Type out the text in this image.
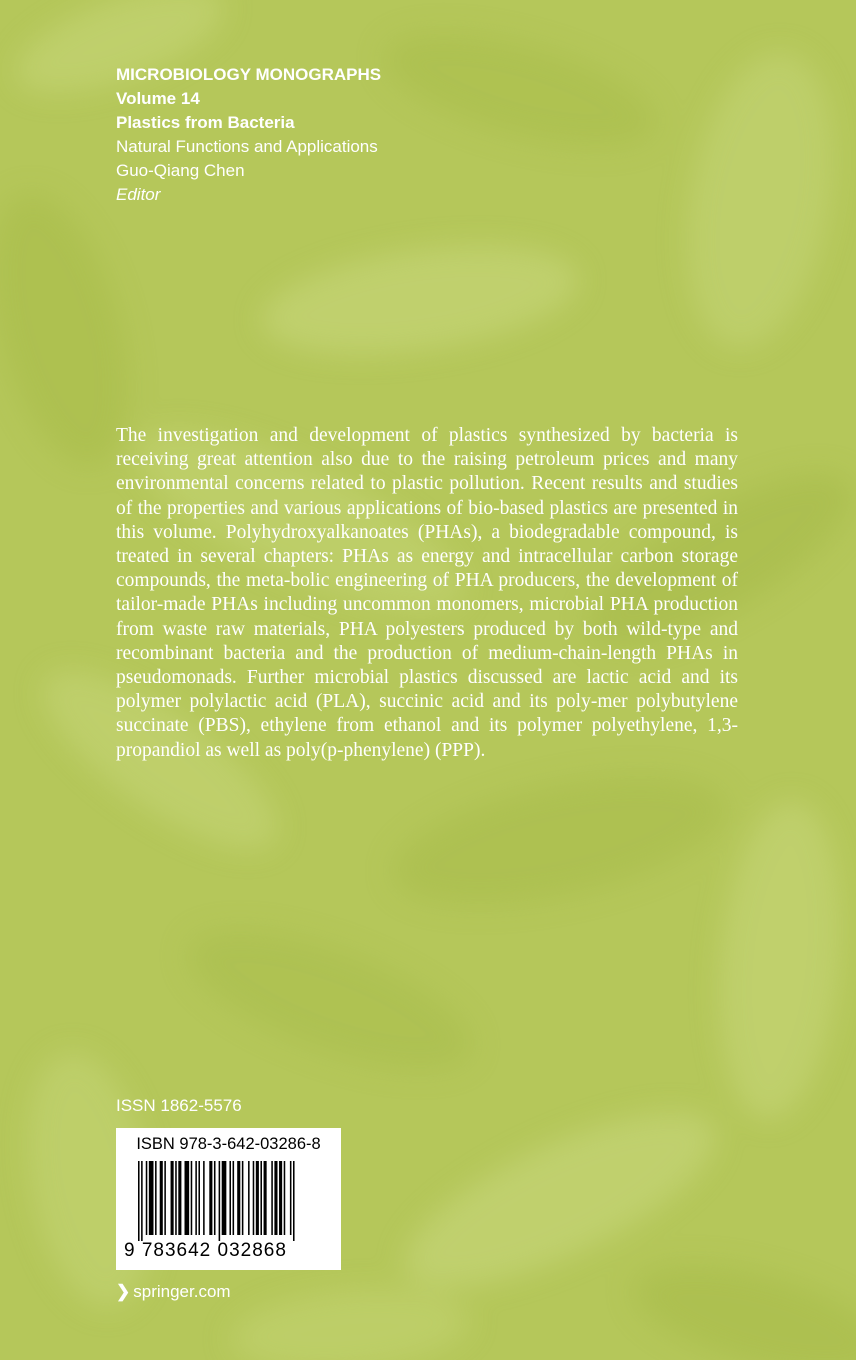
MICROBIOLOGY MONOGRAPHS
Volume 14
Plastics from Bacteria
Natural Functions and Applications
Guo-Qiang Chen
Editor

The investigation and development of plastics synthesized by bacteria is receiving great attention also due to the raising petroleum prices and many environmental concerns related to plastic pollution. Recent results and studies of the properties and various applications of bio-based plastics are presented in this volume. Polyhydroxyalkanoates (PHAs), a biodegradable compound, is treated in several chapters: PHAs as energy and intracellular carbon storage compounds, the meta-bolic engineering of PHA producers, the development of tailor-made PHAs including uncommon monomers, microbial PHA production from waste raw materials, PHA polyesters produced by both wild-type and recombinant bacteria and the production of medium-chain-length PHAs in pseudomonads. Further microbial plastics discussed are lactic acid and its polymer polylactic acid (PLA), succinic acid and its poly-mer polybutylene succinate (PBS), ethylene from ethanol and its polymer polyethylene, 1,3-propandiol as well as poly(p-phenylene) (PPP).

ISSN 1862-5576
ISBN 978-3-642-03286-8
9 783642 032868
❯ springer.com
